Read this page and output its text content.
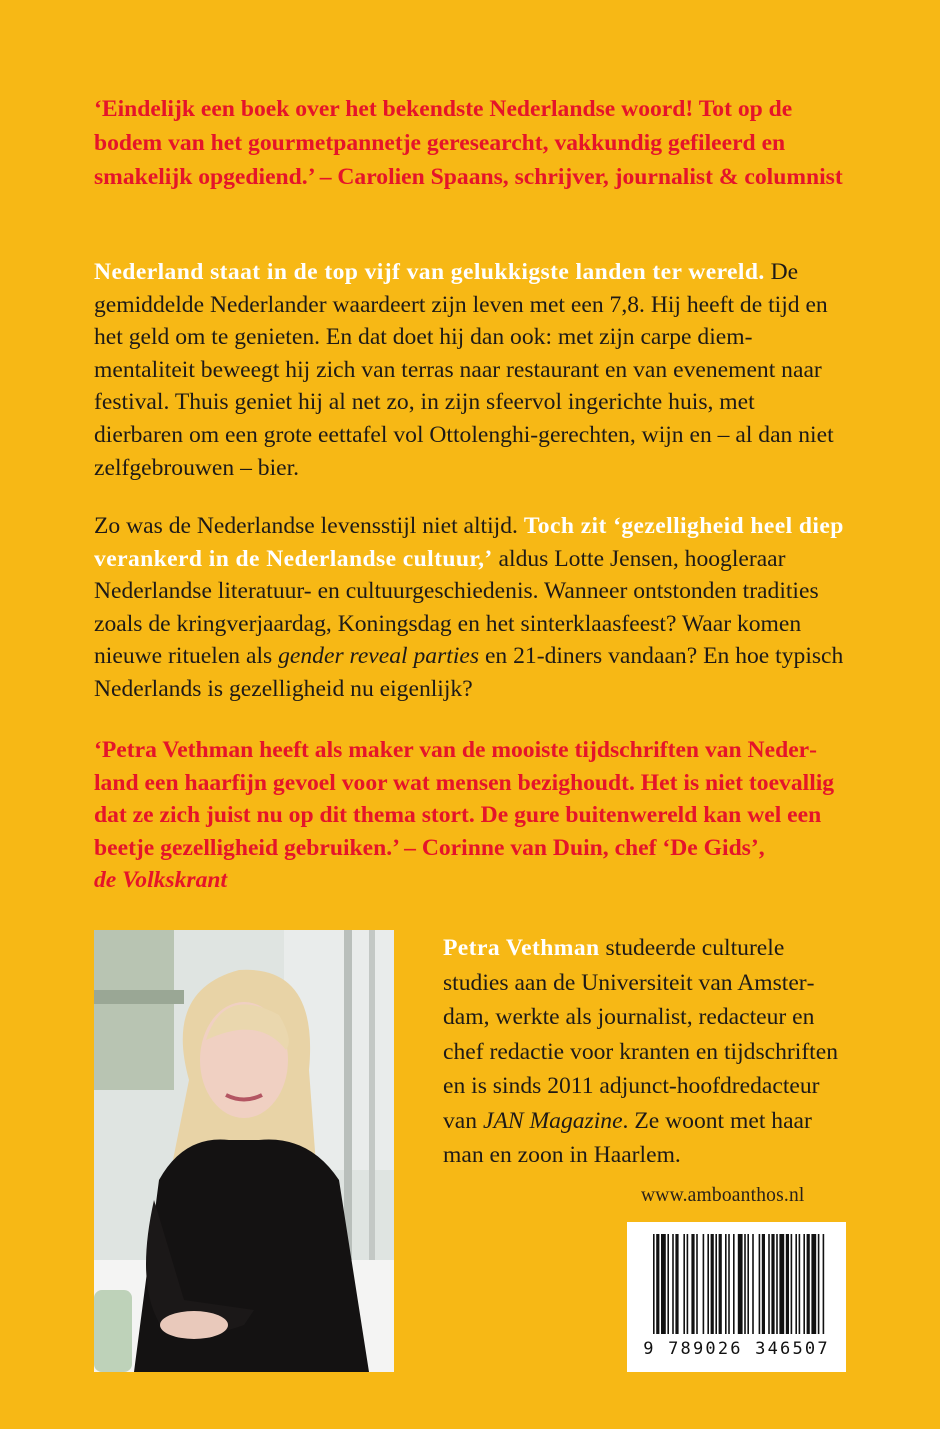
‘Eindelijk een boek over het bekendste Nederlandse woord! Tot op de bodem van het gourmetpannetje geresearcht, vakkundig gefileerd en smakelijk opgediend.’ – Carolien Spaans, schrijver, journalist & columnist
Nederland staat in de top vijf van gelukkigste landen ter wereld. De gemiddelde Nederlander waardeert zijn leven met een 7,8. Hij heeft de tijd en het geld om te genieten. En dat doet hij dan ook: met zijn carpe diem-mentaliteit beweegt hij zich van terras naar restaurant en van evenement naar festival. Thuis geniet hij al net zo, in zijn sfeervol ingerichte huis, met dierbaren om een grote eettafel vol Ottolenghi-gerechten, wijn en – al dan niet zelfgebrouwen – bier.
Zo was de Nederlandse levensstijl niet altijd. Toch zit ‘gezelligheid heel diep verankerd in de Nederlandse cultuur,’ aldus Lotte Jensen, hoogleraar Nederlandse literatuur- en cultuurgeschiedenis. Wanneer ontstonden tradities zoals de kringverjaardag, Koningsdag en het sinterklaasfeest? Waar komen nieuwe rituelen als gender reveal parties en 21-diners vandaan? En hoe typisch Nederlands is gezelligheid nu eigenlijk?
‘Petra Vethman heeft als maker van de mooiste tijdschriften van Nederland een haarfijn gevoel voor wat mensen bezighoudt. Het is niet toevallig dat ze zich juist nu op dit thema stort. De gure buitenwereld kan wel een beetje gezelligheid gebruiken.’ – Corinne van Duin, chef ‘De Gids’,
de Volkskrant
Petra Vethman studeerde culturele studies aan de Universiteit van Amsterdam, werkte als journalist, redacteur en chef redactie voor kranten en tijdschriften en is sinds 2011 adjunct-hoofdredacteur van JAN Magazine. Ze woont met haar man en zoon in Haarlem.
www.amboanthos.nl
9 789026 346507
